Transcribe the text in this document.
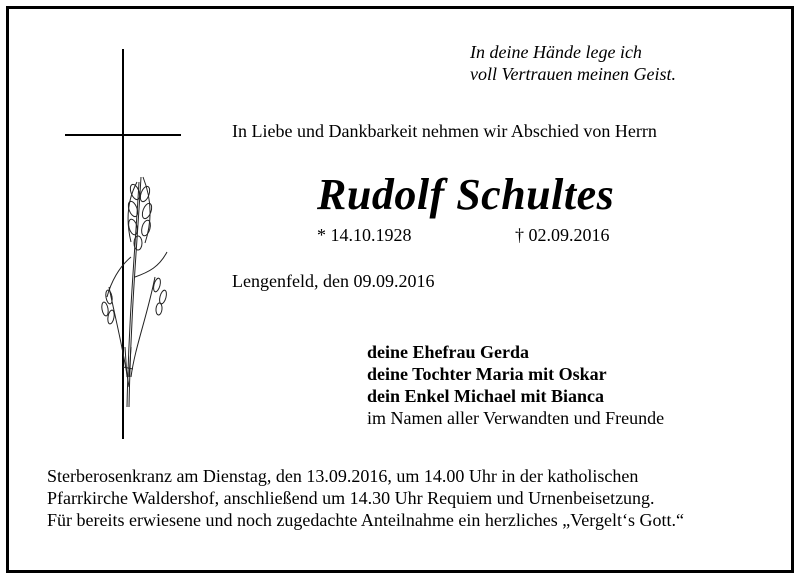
In deine Hände lege ich
voll Vertrauen meinen Geist.
In Liebe und Dankbarkeit nehmen wir Abschied von Herrn
Rudolf Schultes
* 14.10.1928	† 02.09.2016
Lengenfeld, den 09.09.2016
deine Ehefrau Gerda
deine Tochter Maria mit Oskar
dein Enkel Michael mit Bianca
im Namen aller Verwandten und Freunde
Sterberosenkranz am Dienstag, den 13.09.2016, um 14.00 Uhr in der katholischen
Pfarrkirche Waldershof, anschließend um 14.30 Uhr Requiem und Urnenbeisetzung.
Für bereits erwiesene und noch zugedachte Anteilnahme ein herzliches „Vergelt‘s Gott.“
